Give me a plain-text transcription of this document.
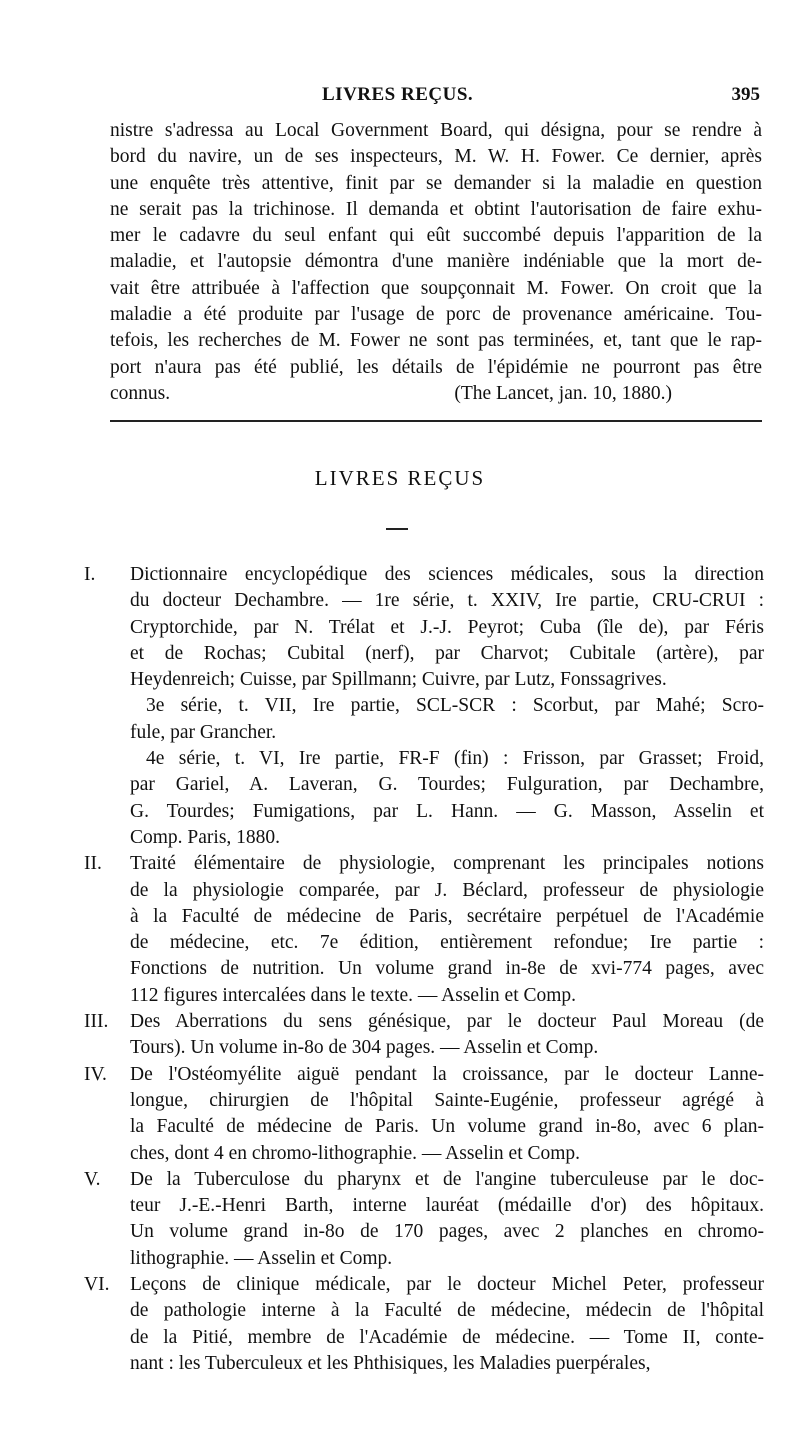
LIVRES REÇUS.	395
nistre s'adressa au Local Government Board, qui désigna, pour se rendre à
bord du navire, un de ses inspecteurs, M. W. H. Fower. Ce dernier, après
une enquête très attentive, finit par se demander si la maladie en question
ne serait pas la trichinose. Il demanda et obtint l'autorisation de faire exhu-
mer le cadavre du seul enfant qui eût succombé depuis l'apparition de la
maladie, et l'autopsie démontra d'une manière indéniable que la mort de-
vait être attribuée à l'affection que soupçonnait M. Fower. On croit que la
maladie a été produite par l'usage de porc de provenance américaine. Tou-
tefois, les recherches de M. Fower ne sont pas terminées, et, tant que le rap-
port n'aura pas été publié, les détails de l'épidémie ne pourront pas être
connus.	(The Lancet, jan. 10, 1880.)
LIVRES REÇUS
I.	Dictionnaire encyclopédique des sciences médicales, sous la direction
du docteur Dechambre. — 1re série, t. XXIV, Ire partie, CRU-CRUI :
Cryptorchide, par N. Trélat et J.-J. Peyrot; Cuba (île de), par Féris
et de Rochas; Cubital (nerf), par Charvot; Cubitale (artère), par
Heydenreich; Cuisse, par Spillmann; Cuivre, par Lutz, Fonssagrives.
3e série, t. VII, Ire partie, SCL-SCR : Scorbut, par Mahé; Scro-
fule, par Grancher.
4e série, t. VI, Ire partie, FR-F (fin) : Frisson, par Grasset; Froid,
par Gariel, A. Laveran, G. Tourdes; Fulguration, par Dechambre,
G. Tourdes; Fumigations, par L. Hann. — G. Masson, Asselin et
Comp. Paris, 1880.
II.	Traité élémentaire de physiologie, comprenant les principales notions
de la physiologie comparée, par J. Béclard, professeur de physiologie
à la Faculté de médecine de Paris, secrétaire perpétuel de l'Académie
de médecine, etc. 7e édition, entièrement refondue; Ire partie :
Fonctions de nutrition. Un volume grand in-8e de xvi-774 pages, avec
112 figures intercalées dans le texte. — Asselin et Comp.
III.	Des Aberrations du sens génésique, par le docteur Paul Moreau (de
Tours). Un volume in-8o de 304 pages. — Asselin et Comp.
IV.	De l'Ostéomyélite aiguë pendant la croissance, par le docteur Lanne-
longue, chirurgien de l'hôpital Sainte-Eugénie, professeur agrégé à
la Faculté de médecine de Paris. Un volume grand in-8o, avec 6 plan-
ches, dont 4 en chromo-lithographie. — Asselin et Comp.
V.	De la Tuberculose du pharynx et de l'angine tuberculeuse par le doc-
teur J.-E.-Henri Barth, interne lauréat (médaille d'or) des hôpitaux.
Un volume grand in-8o de 170 pages, avec 2 planches en chromo-
lithographie. — Asselin et Comp.
VI.	Leçons de clinique médicale, par le docteur Michel Peter, professeur
de pathologie interne à la Faculté de médecine, médecin de l'hôpital
de la Pitié, membre de l'Académie de médecine. — Tome II, conte-
nant : les Tuberculeux et les Phthisiques, les Maladies puerpérales,
